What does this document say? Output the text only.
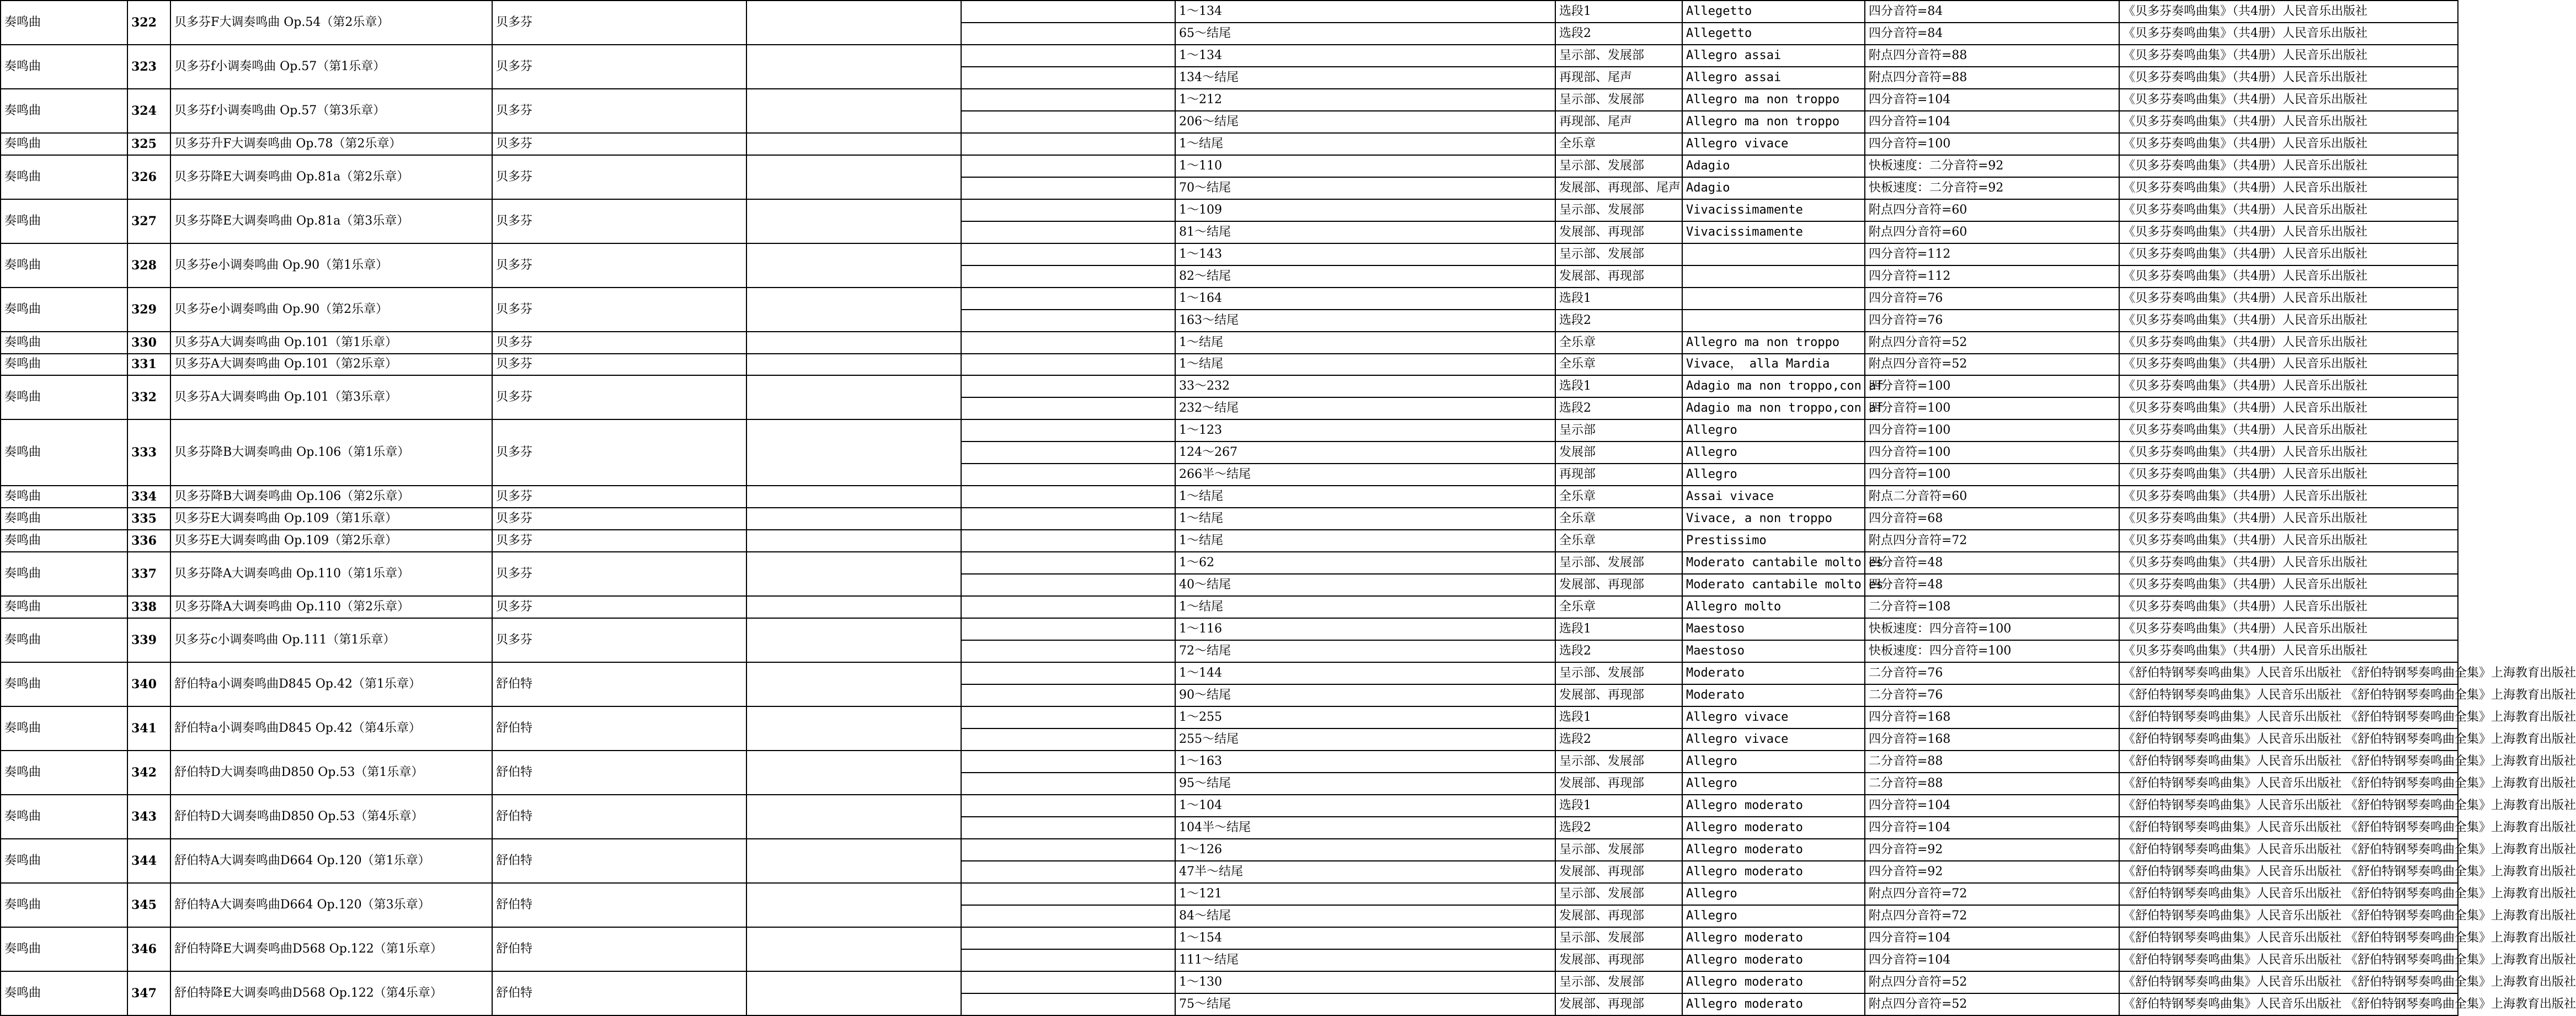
奏鸣曲	322	贝多芬F大调奏鸣曲 Op.54（第2乐章）	贝多芬			1～134	选段1	Allegetto	四分音符=84	《贝多芬奏鸣曲集》（共4册）人民音乐出版社
						65～结尾	选段2	Allegetto	四分音符=84	《贝多芬奏鸣曲集》（共4册）人民音乐出版社
奏鸣曲	323	贝多芬f小调奏鸣曲 Op.57（第1乐章）	贝多芬			1～134	呈示部、发展部	Allegro assai	附点四分音符=88	《贝多芬奏鸣曲集》（共4册）人民音乐出版社
						134～结尾	再现部、尾声	Allegro assai	附点四分音符=88	《贝多芬奏鸣曲集》（共4册）人民音乐出版社
奏鸣曲	324	贝多芬f小调奏鸣曲 Op.57（第3乐章）	贝多芬			1～212	呈示部、发展部	Allegro ma non troppo	四分音符=104	《贝多芬奏鸣曲集》（共4册）人民音乐出版社
						206～结尾	再现部、尾声	Allegro ma non troppo	四分音符=104	《贝多芬奏鸣曲集》（共4册）人民音乐出版社
奏鸣曲	325	贝多芬升F大调奏鸣曲 Op.78（第2乐章）	贝多芬			1～结尾	全乐章	Allegro vivace	四分音符=100	《贝多芬奏鸣曲集》（共4册）人民音乐出版社
奏鸣曲	326	贝多芬降E大调奏鸣曲 Op.81a（第2乐章）	贝多芬			1～110	呈示部、发展部	Adagio	快板速度：二分音符=92	《贝多芬奏鸣曲集》（共4册）人民音乐出版社
						70～结尾	发展部、再现部、尾声	Adagio	快板速度：二分音符=92	《贝多芬奏鸣曲集》（共4册）人民音乐出版社
奏鸣曲	327	贝多芬降E大调奏鸣曲 Op.81a（第3乐章）	贝多芬			1～109	呈示部、发展部	Vivacissimamente	附点四分音符=60	《贝多芬奏鸣曲集》（共4册）人民音乐出版社
						81～结尾	发展部、再现部	Vivacissimamente	附点四分音符=60	《贝多芬奏鸣曲集》（共4册）人民音乐出版社
奏鸣曲	328	贝多芬e小调奏鸣曲 Op.90（第1乐章）	贝多芬			1～143	呈示部、发展部		四分音符=112	《贝多芬奏鸣曲集》（共4册）人民音乐出版社
						82～结尾	发展部、再现部		四分音符=112	《贝多芬奏鸣曲集》（共4册）人民音乐出版社
奏鸣曲	329	贝多芬e小调奏鸣曲 Op.90（第2乐章）	贝多芬			1～164	选段1		四分音符=76	《贝多芬奏鸣曲集》（共4册）人民音乐出版社
						163～结尾	选段2		四分音符=76	《贝多芬奏鸣曲集》（共4册）人民音乐出版社
奏鸣曲	330	贝多芬A大调奏鸣曲 Op.101（第1乐章）	贝多芬			1～结尾	全乐章	Allegro ma non troppo	附点四分音符=52	《贝多芬奏鸣曲集》（共4册）人民音乐出版社
奏鸣曲	331	贝多芬A大调奏鸣曲 Op.101（第2乐章）	贝多芬			1～结尾	全乐章	Vivace， alla Mardia	附点四分音符=52	《贝多芬奏鸣曲集》（共4册）人民音乐出版社
奏鸣曲	332	贝多芬A大调奏鸣曲 Op.101（第3乐章）	贝多芬			33～232	选段1	Adagio ma non troppo,con af	四分音符=100	《贝多芬奏鸣曲集》（共4册）人民音乐出版社
						232～结尾	选段2	Adagio ma non troppo,con af	四分音符=100	《贝多芬奏鸣曲集》（共4册）人民音乐出版社
奏鸣曲	333	贝多芬降B大调奏鸣曲 Op.106（第1乐章）	贝多芬			1～123	呈示部	Allegro	四分音符=100	《贝多芬奏鸣曲集》（共4册）人民音乐出版社
						124～267	发展部	Allegro	四分音符=100	《贝多芬奏鸣曲集》（共4册）人民音乐出版社
						266半～结尾	再现部	Allegro	四分音符=100	《贝多芬奏鸣曲集》（共4册）人民音乐出版社
奏鸣曲	334	贝多芬降B大调奏鸣曲 Op.106（第2乐章）	贝多芬			1～结尾	全乐章	Assai vivace	附点二分音符=60	《贝多芬奏鸣曲集》（共4册）人民音乐出版社
奏鸣曲	335	贝多芬E大调奏鸣曲 Op.109（第1乐章）	贝多芬			1～结尾	全乐章	Vivace, a non troppo	四分音符=68	《贝多芬奏鸣曲集》（共4册）人民音乐出版社
奏鸣曲	336	贝多芬E大调奏鸣曲 Op.109（第2乐章）	贝多芬			1～结尾	全乐章	Prestissimo	附点四分音符=72	《贝多芬奏鸣曲集》（共4册）人民音乐出版社
奏鸣曲	337	贝多芬降A大调奏鸣曲 Op.110（第1乐章）	贝多芬			1～62	呈示部、发展部	Moderato cantabile molto es	四分音符=48	《贝多芬奏鸣曲集》（共4册）人民音乐出版社
						40～结尾	发展部、再现部	Moderato cantabile molto es	四分音符=48	《贝多芬奏鸣曲集》（共4册）人民音乐出版社
奏鸣曲	338	贝多芬降A大调奏鸣曲 Op.110（第2乐章）	贝多芬			1～结尾	全乐章	Allegro molto	二分音符=108	《贝多芬奏鸣曲集》（共4册）人民音乐出版社
奏鸣曲	339	贝多芬c小调奏鸣曲 Op.111（第1乐章）	贝多芬			1～116	选段1	Maestoso	快板速度：四分音符=100	《贝多芬奏鸣曲集》（共4册）人民音乐出版社
						72～结尾	选段2	Maestoso	快板速度：四分音符=100	《贝多芬奏鸣曲集》（共4册）人民音乐出版社
奏鸣曲	340	舒伯特a小调奏鸣曲D845 Op.42（第1乐章）	舒伯特			1～144	呈示部、发展部	Moderato	二分音符=76	《舒伯特钢琴奏鸣曲集》人民音乐出版社 《舒伯特钢琴奏鸣曲全集》上海教育出版社
						90～结尾	发展部、再现部	Moderato	二分音符=76	《舒伯特钢琴奏鸣曲集》人民音乐出版社 《舒伯特钢琴奏鸣曲全集》上海教育出版社
奏鸣曲	341	舒伯特a小调奏鸣曲D845 Op.42（第4乐章）	舒伯特			1～255	选段1	Allegro vivace	四分音符=168	《舒伯特钢琴奏鸣曲集》人民音乐出版社 《舒伯特钢琴奏鸣曲全集》上海教育出版社
						255～结尾	选段2	Allegro vivace	四分音符=168	《舒伯特钢琴奏鸣曲集》人民音乐出版社 《舒伯特钢琴奏鸣曲全集》上海教育出版社
奏鸣曲	342	舒伯特D大调奏鸣曲D850 Op.53（第1乐章）	舒伯特			1～163	呈示部、发展部	Allegro	二分音符=88	《舒伯特钢琴奏鸣曲集》人民音乐出版社 《舒伯特钢琴奏鸣曲全集》上海教育出版社
						95～结尾	发展部、再现部	Allegro	二分音符=88	《舒伯特钢琴奏鸣曲集》人民音乐出版社 《舒伯特钢琴奏鸣曲全集》上海教育出版社
奏鸣曲	343	舒伯特D大调奏鸣曲D850 Op.53（第4乐章）	舒伯特			1～104	选段1	Allegro moderato	四分音符=104	《舒伯特钢琴奏鸣曲集》人民音乐出版社 《舒伯特钢琴奏鸣曲全集》上海教育出版社
						104半～结尾	选段2	Allegro moderato	四分音符=104	《舒伯特钢琴奏鸣曲集》人民音乐出版社 《舒伯特钢琴奏鸣曲全集》上海教育出版社
奏鸣曲	344	舒伯特A大调奏鸣曲D664 Op.120（第1乐章）	舒伯特			1～126	呈示部、发展部	Allegro moderato	四分音符=92	《舒伯特钢琴奏鸣曲集》人民音乐出版社 《舒伯特钢琴奏鸣曲全集》上海教育出版社
						47半～结尾	发展部、再现部	Allegro moderato	四分音符=92	《舒伯特钢琴奏鸣曲集》人民音乐出版社 《舒伯特钢琴奏鸣曲全集》上海教育出版社
奏鸣曲	345	舒伯特A大调奏鸣曲D664 Op.120（第3乐章）	舒伯特			1～121	呈示部、发展部	Allegro	附点四分音符=72	《舒伯特钢琴奏鸣曲集》人民音乐出版社 《舒伯特钢琴奏鸣曲全集》上海教育出版社
						84～结尾	发展部、再现部	Allegro	附点四分音符=72	《舒伯特钢琴奏鸣曲集》人民音乐出版社 《舒伯特钢琴奏鸣曲全集》上海教育出版社
奏鸣曲	346	舒伯特降E大调奏鸣曲D568 Op.122（第1乐章）	舒伯特			1～154	呈示部、发展部	Allegro moderato	四分音符=104	《舒伯特钢琴奏鸣曲集》人民音乐出版社 《舒伯特钢琴奏鸣曲全集》上海教育出版社
						111～结尾	发展部、再现部	Allegro moderato	四分音符=104	《舒伯特钢琴奏鸣曲集》人民音乐出版社 《舒伯特钢琴奏鸣曲全集》上海教育出版社
奏鸣曲	347	舒伯特降E大调奏鸣曲D568 Op.122（第4乐章）	舒伯特			1～130	呈示部、发展部	Allegro moderato	附点四分音符=52	《舒伯特钢琴奏鸣曲集》人民音乐出版社 《舒伯特钢琴奏鸣曲全集》上海教育出版社
						75～结尾	发展部、再现部	Allegro moderato	附点四分音符=52	《舒伯特钢琴奏鸣曲集》人民音乐出版社 《舒伯特钢琴奏鸣曲全集》上海教育出版社
